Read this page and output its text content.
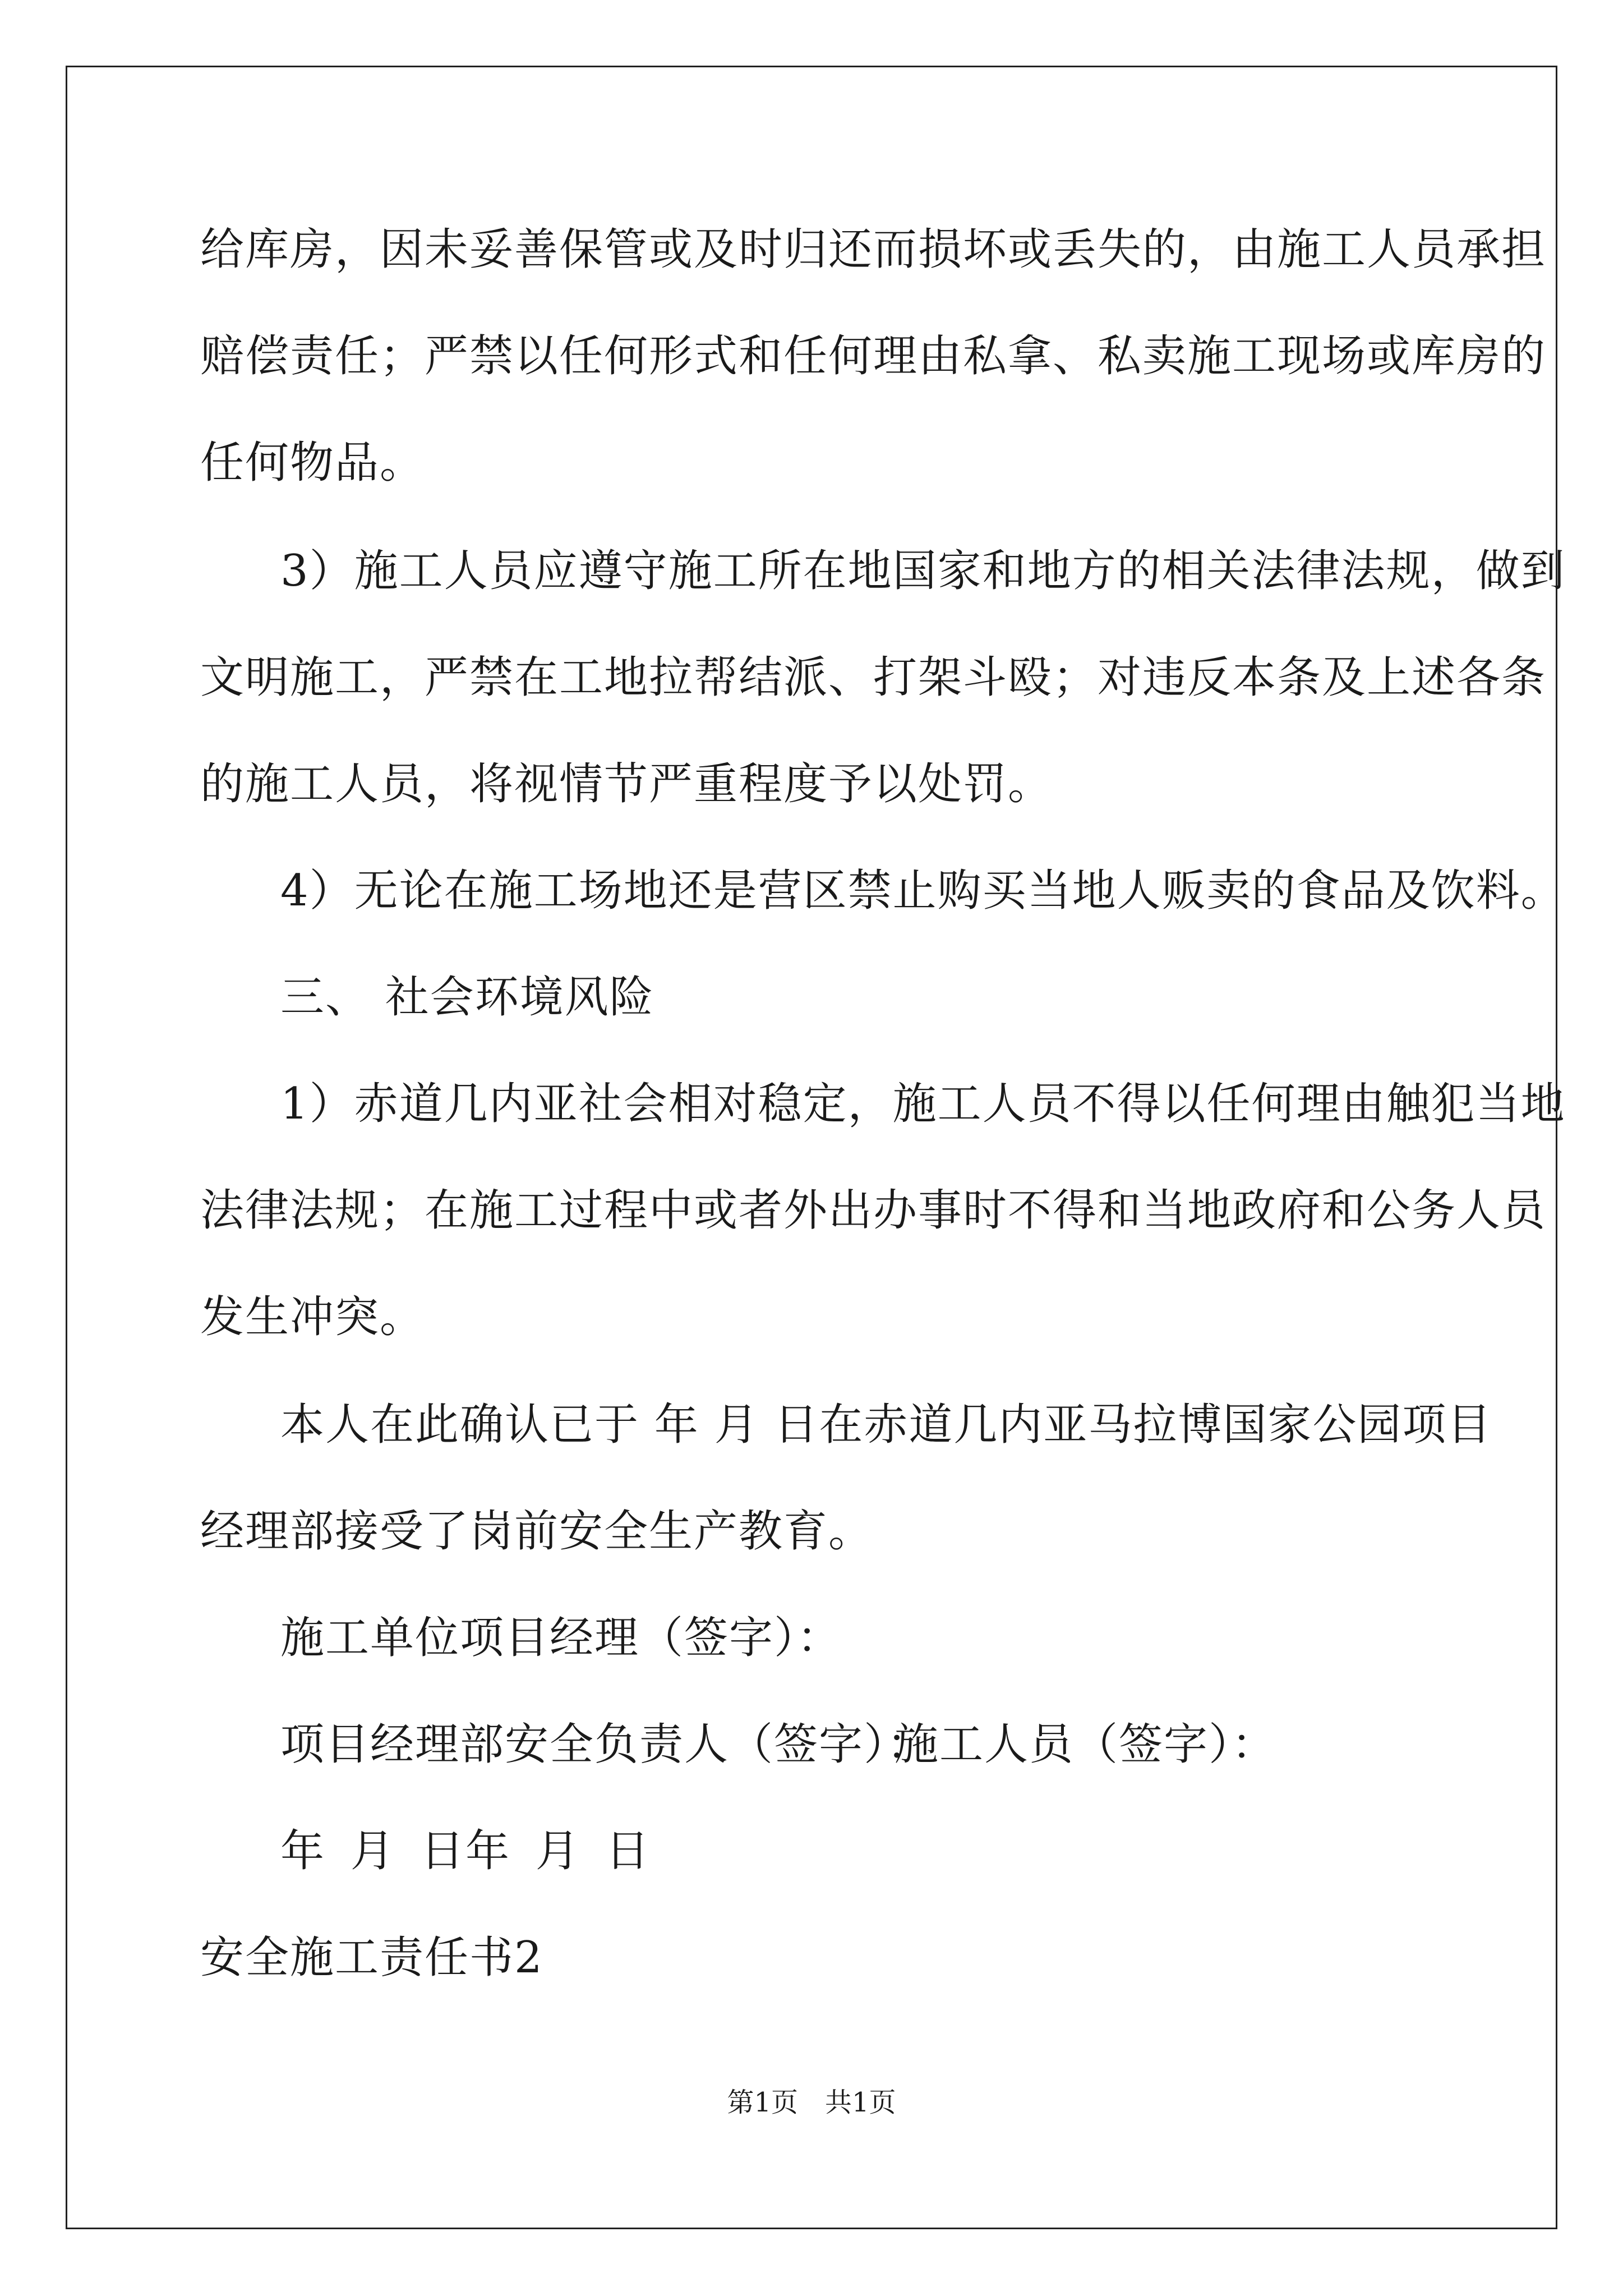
给库房，因未妥善保管或及时归还而损坏或丢失的，由施工人员承担
赔偿责任；严禁以任何形式和任何理由私拿、私卖施工现场或库房的
任何物品。
3）施工人员应遵守施工所在地国家和地方的相关法律法规，做到
文明施工，严禁在工地拉帮结派、打架斗殴；对违反本条及上述各条
的施工人员，将视情节严重程度予以处罚。
4）无论在施工场地还是营区禁止购买当地人贩卖的食品及饮料。
三、 社会环境风险
1）赤道几内亚社会相对稳定，施工人员不得以任何理由触犯当地
法律法规；在施工过程中或者外出办事时不得和当地政府和公务人员
发生冲突。
本人在此确认已于 年 月 日在赤道几内亚马拉博国家公园项目
经理部接受了岗前安全生产教育。
施工单位项目经理（签字）：
项目经理部安全负责人（签字）：
施工人员（签字）：
年 月 日 年 月 日
安全施工责任书2
第1页　共1页
